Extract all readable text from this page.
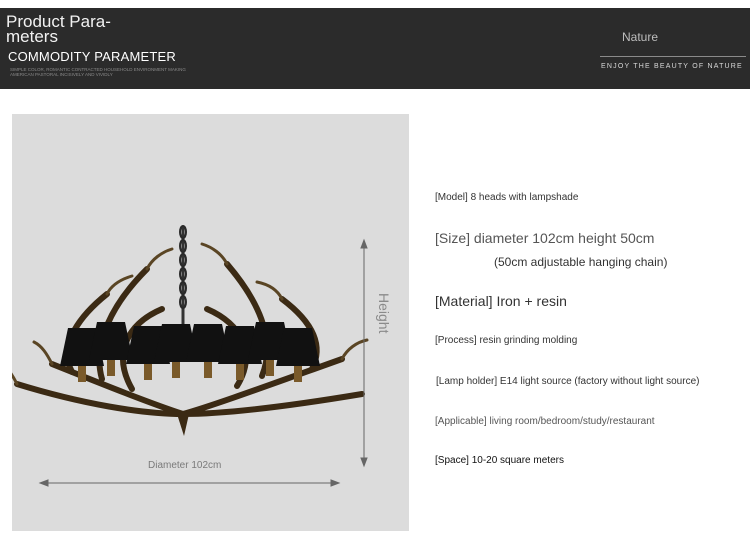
Product Para-
meters
COMMODITY PARAMETER
SIMPLE COLOR, ROMANTIC CONTRACTED HOUSEHOLD ENVIRONMENT MAKING AMERICAN PASTORAL INCISIVELY AND VIVIDLY
Nature
ENJOY THE BEAUTY OF NATURE
Diameter 102cm
Height
[Model] 8 heads with lampshade
[Size] diameter 102cm height 50cm
(50cm adjustable hanging chain)
[Material] Iron + resin
[Process] resin grinding molding
[Lamp holder] E14 light source (factory without light source)
[Applicable] living room/bedroom/study/restaurant
[Space] 10-20 square meters
